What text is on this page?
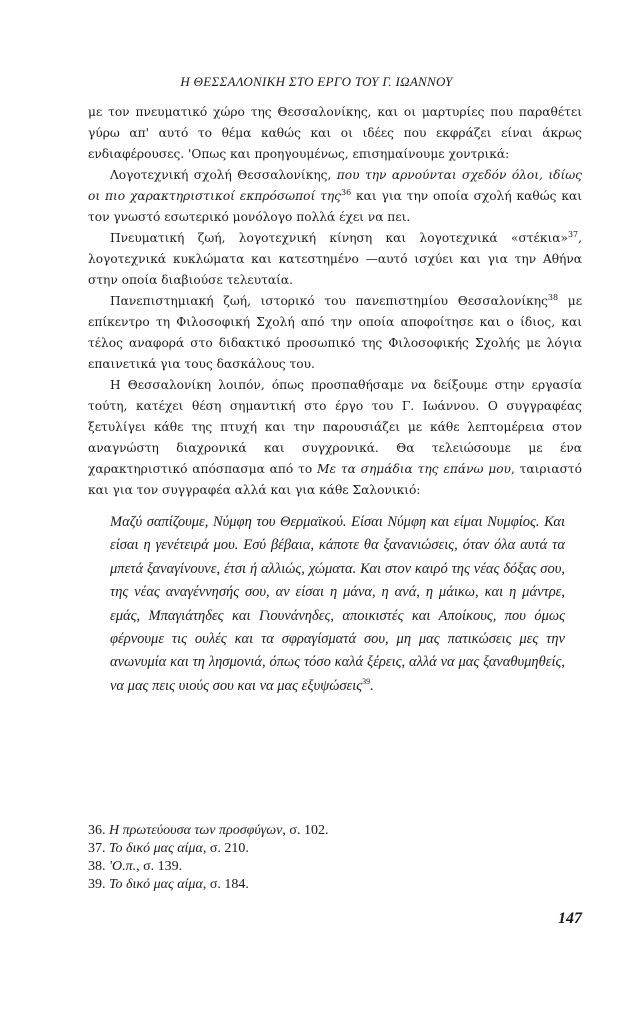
Η ΘΕΣΣΑΛΟΝΙΚΗ ΣΤΟ ΕΡΓΟ ΤΟΥ Γ. ΙΩΑΝΝΟΥ

με τον πνευματικό χώρο της Θεσσαλονίκης, και οι μαρτυρίες που παραθέτει γύρω απ' αυτό το θέμα καθώς και οι ιδέες που εκφράζει είναι άκρως ενδιαφέρουσες. 'Οπως και προηγουμένως, επισημαίνουμε χοντρικά:

Λογοτεχνική σχολή Θεσσαλονίκης, που την αρνούνται σχεδόν όλοι, ιδίως οι πιο χαρακτηριστικοί εκπρόσωποί της$^{36}$ και για την οποία σχολή καθώς και τον γνωστό εσωτερικό μονόλογο πολλά έχει να πει.

Πνευματική ζωή, λογοτεχνική κίνηση και λογοτεχνικά «στέκια»$^{37}$, λογοτεχνικά κυκλώματα και κατεστημένο —αυτό ισχύει και για την Αθήνα στην οποία διαβιούσε τελευταία.

Πανεπιστημιακή ζωή, ιστορικό του πανεπιστημίου Θεσσαλονίκης$^{38}$ με επίκεντρο τη Φιλοσοφική Σχολή από την οποία αποφοίτησε και ο ίδιος, και τέλος αναφορά στο διδακτικό προσωπικό της Φιλοσοφικής Σχολής με λόγια επαινετικά για τους δασκάλους του.

Η Θεσσαλονίκη λοιπόν, όπως προσπαθήσαμε να δείξουμε στην εργασία τούτη, κατέχει θέση σημαντική στο έργο του Γ. Ιωάννου. Ο συγγραφέας ξετυλίγει κάθε της πτυχή και την παρουσιάζει με κάθε λεπτομέρεια στον αναγνώστη διαχρονικά και συγχρονικά. Θα τελειώσουμε με ένα χαρακτηριστικό απόσπασμα από το Με τα σημάδια της επάνω μου, ταιριαστό και για τον συγγραφέα αλλά και για κάθε Σαλονικιό:

Μαζύ σαπίζουμε, Νύμφη του Θερμαϊκού. Είσαι Νύμφη και είμαι Νυμφίος. Και είσαι η γενέτειρά μου. Εσύ βέβαια, κάποτε θα ξανανιώσεις, όταν όλα αυτά τα μπετά ξαναγίνουνε, έτσι ή αλλιώς, χώματα. Και στον καιρό της νέας δόξας σου, της νέας αναγέννησής σου, αν είσαι η μάνα, η ανά, η μάικω, και η μάντρε, εμάς, Μπαγιάτηδες και Γιουνάνηδες, αποικιστές και Αποίκους, που όμως φέρνουμε τις ουλές και τα σφραγίσματά σου, μη μας πατικώσεις μες την ανωνυμία και τη λησμονιά, όπως τόσο καλά ξέρεις, αλλά να μας ξαναθυμηθείς, να μας πεις υιούς σου και να μας εξυψώσεις$^{39}$.
36. Η πρωτεύουσα των προσφύγων, σ. 102.
37. Το δικό μας αίμα, σ. 210.
38. 'Ο.π., σ. 139.
39. Το δικό μας αίμα, σ. 184.
147
